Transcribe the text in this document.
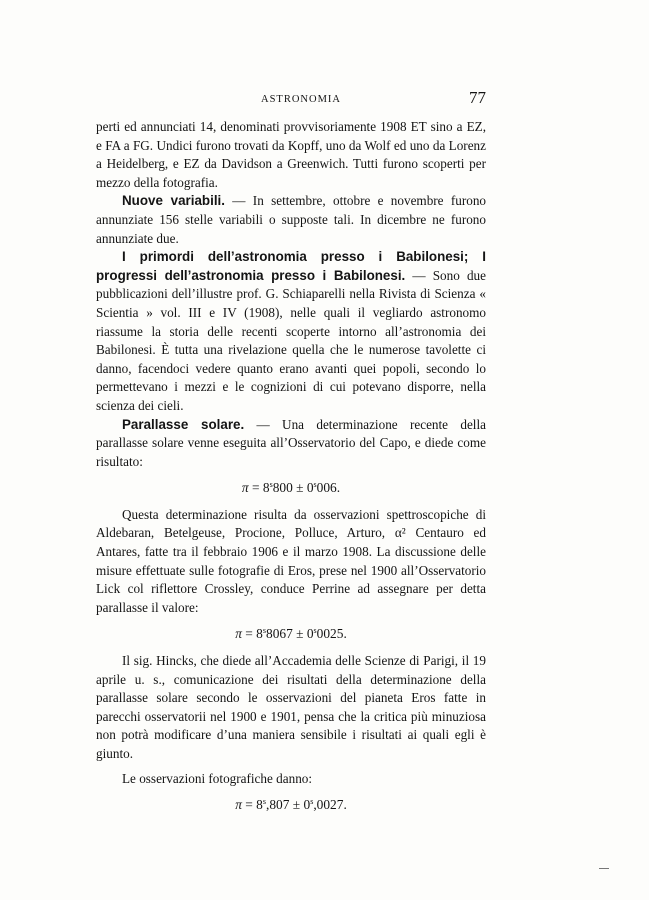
ASTRONOMIA	77

perti ed annunciati 14, denominati provvisoriamente 1908 ET sino a EZ, e FA a FG. Undici furono trovati da Kopff, uno da Wolf ed uno da Lorenz a Heidelberg, e EZ da Davidson a Greenwich. Tutti furono scoperti per mezzo della fotografia.

Nuove variabili. — In settembre, ottobre e novembre furono annunziate 156 stelle variabili o supposte tali. In dicembre ne furono annunziate due.

I primordi dell’astronomia presso i Babilonesi; I progressi dell’astronomia presso i Babilonesi. — Sono due pubblicazioni dell’illustre prof. G. Schiaparelli nella Rivista di Scienza « Scientia » vol. III e IV (1908), nelle quali il vegliardo astronomo riassume la storia delle recenti scoperte intorno all’astronomia dei Babilonesi. È tutta una rivelazione quella che le numerose tavolette ci danno, facendoci vedere quanto erano avanti quei popoli, secondo lo permettevano i mezzi e le cognizioni di cui potevano disporre, nella scienza dei cieli.

Parallasse solare. — Una determinazione recente della parallasse solare venne eseguita all’Osservatorio del Capo, e diede come risultato:

$\pi = 8^s800 \pm 0^s006$.

Questa determinazione risulta da osservazioni spettroscopiche di Aldebaran, Betelgeuse, Procione, Polluce, Arturo, α² Centauro ed Antares, fatte tra il febbraio 1906 e il marzo 1908. La discussione delle misure effettuate sulle fotografie di Eros, prese nel 1900 all’Osservatorio Lick col riflettore Crossley, conduce Perrine ad assegnare per detta parallasse il valore:

$\pi = 8^s8067 \pm 0^s0025$.

Il sig. Hincks, che diede all’Accademia delle Scienze di Parigi, il 19 aprile u. s., comunicazione dei risultati della determinazione della parallasse solare secondo le osservazioni del pianeta Eros fatte in parecchi osservatorii nel 1900 e 1901, pensa che la critica più minuziosa non potrà modificare d’una maniera sensibile i risultati ai quali egli è giunto.

Le osservazioni fotografiche danno:

$\pi = 8^s,807 \pm 0^s,0027$.
